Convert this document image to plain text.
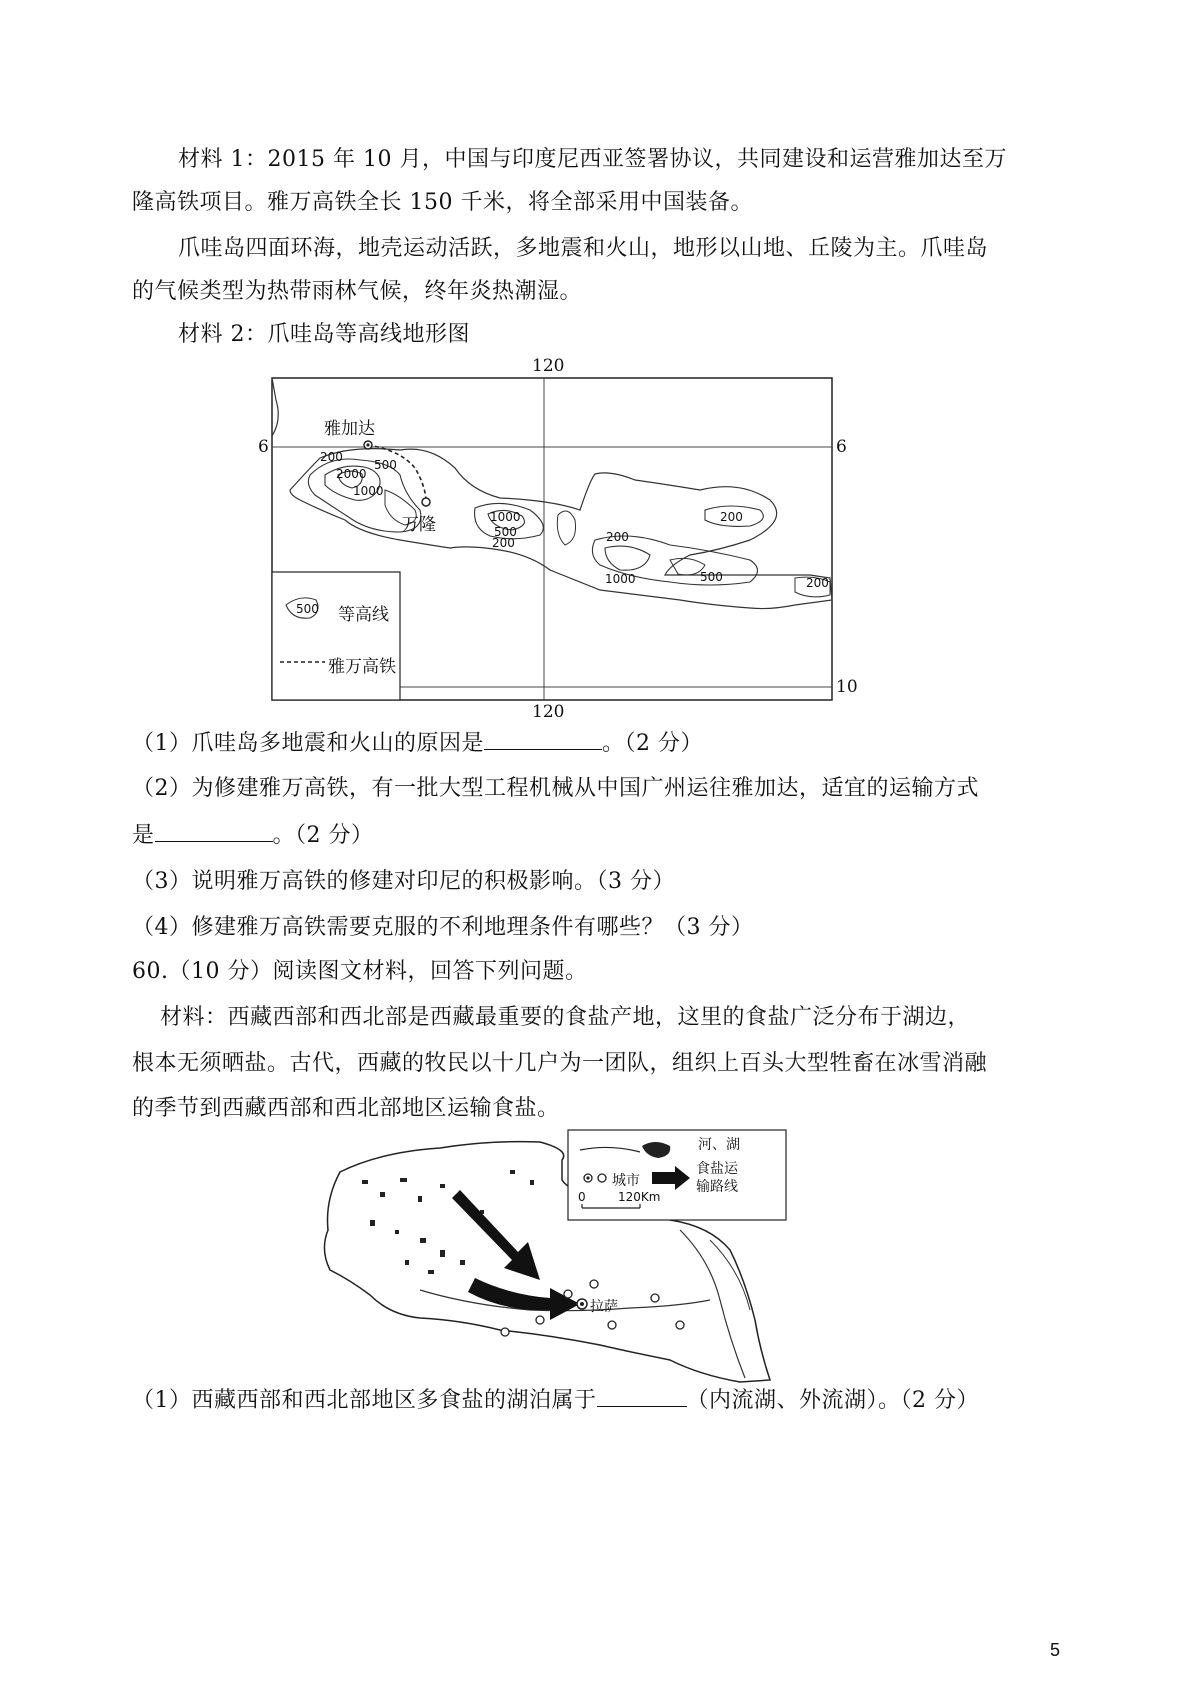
材料 1：2015 年 10 月，中国与印度尼西亚签署协议，共同建设和运营雅加达至万
隆高铁项目。雅万高铁全长 150 千米，将全部采用中国装备。
爪哇岛四面环海，地壳运动活跃，多地震和火山，地形以山地、丘陵为主。爪哇岛
的气候类型为热带雨林气候，终年炎热潮湿。
材料 2：爪哇岛等高线地形图
120
120
6	6
10
雅加达
万隆
200
2000
500
1000
1000
500
200	200
1000	500
200
200
500 等高线
雅万高铁
（1）爪哇岛多地震和火山的原因是	。（2 分）
（2）为修建雅万高铁，有一批大型工程机械从中国广州运往雅加达，适宜的运输方式
是	。（2 分）
（3）说明雅万高铁的修建对印尼的积极影响。（3 分）
（4）修建雅万高铁需要克服的不利地理条件有哪些？（3 分）
60.（10 分）阅读图文材料，回答下列问题。
材料：西藏西部和西北部是西藏最重要的食盐产地，这里的食盐广泛分布于湖边，
根本无须晒盐。古代，西藏的牧民以十几户为一团队，组织上百头大型牲畜在冰雪消融
的季节到西藏西部和西北部地区运输食盐。
河、湖
城市
食盐运
输路线
0	120Km
拉萨
（1）西藏西部和西北部地区多食盐的湖泊属于	（内流湖、外流湖）。（2 分）
5
